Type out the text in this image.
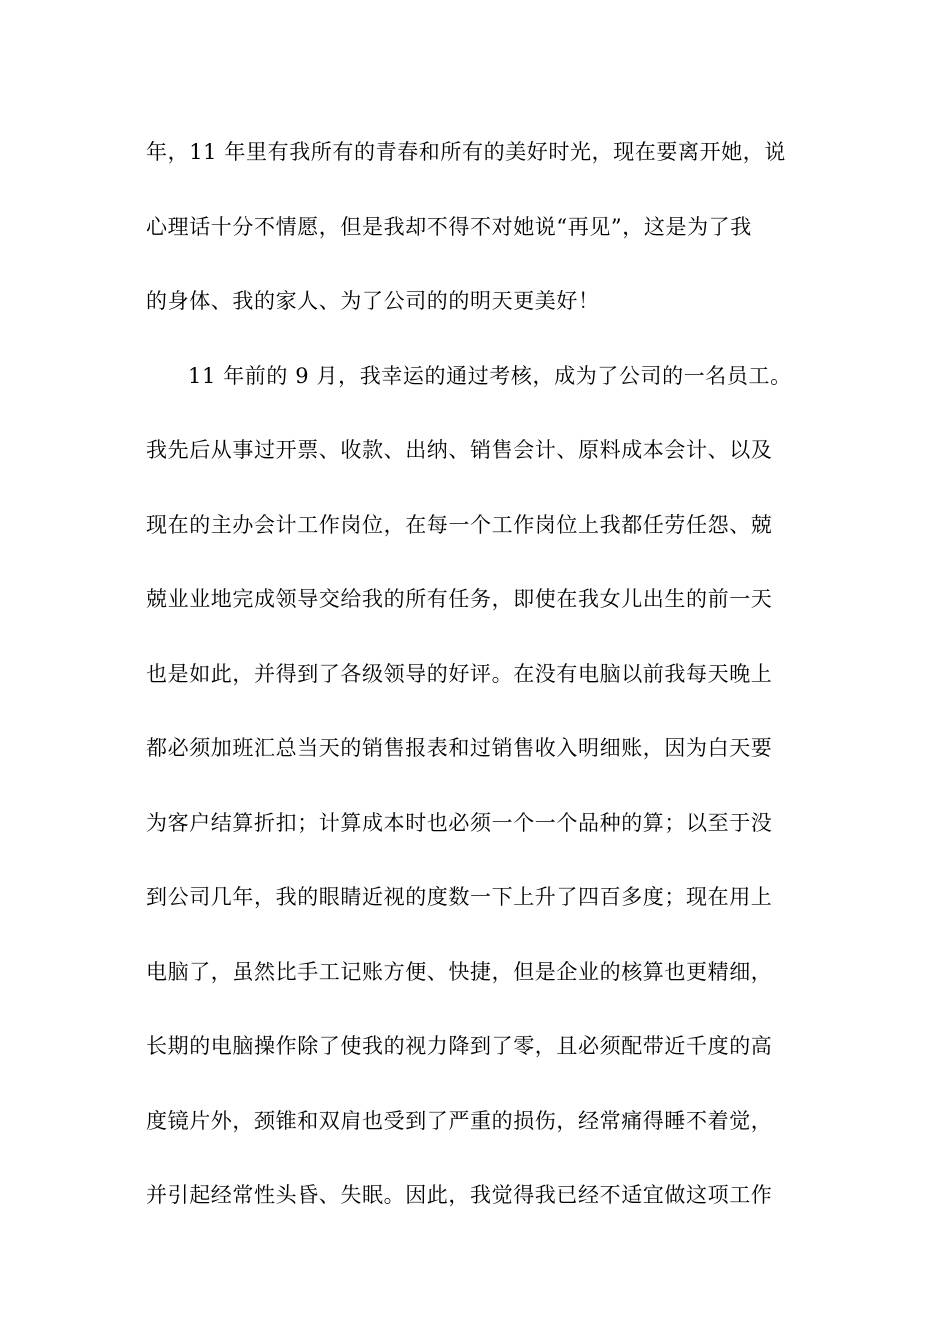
年，11 年里有我所有的青春和所有的美好时光，现在要离开她，说
心理话十分不情愿，但是我却不得不对她说“再见”，这是为了我
的身体、我的家人、为了公司的的明天更美好！
11 年前的 9 月，我幸运的通过考核，成为了公司的一名员工。
我先后从事过开票、收款、出纳、销售会计、原料成本会计、以及
现在的主办会计工作岗位，在每一个工作岗位上我都任劳任怨、兢
兢业业地完成领导交给我的所有任务，即使在我女儿出生的前一天
也是如此，并得到了各级领导的好评。在没有电脑以前我每天晚上
都必须加班汇总当天的销售报表和过销售收入明细账，因为白天要
为客户结算折扣；计算成本时也必须一个一个品种的算；以至于没
到公司几年，我的眼睛近视的度数一下上升了四百多度；现在用上
电脑了，虽然比手工记账方便、快捷，但是企业的核算也更精细，
长期的电脑操作除了使我的视力降到了零，且必须配带近千度的高
度镜片外，颈锥和双肩也受到了严重的损伤，经常痛得睡不着觉，
并引起经常性头昏、失眠。因此，我觉得我已经不适宜做这项工作
